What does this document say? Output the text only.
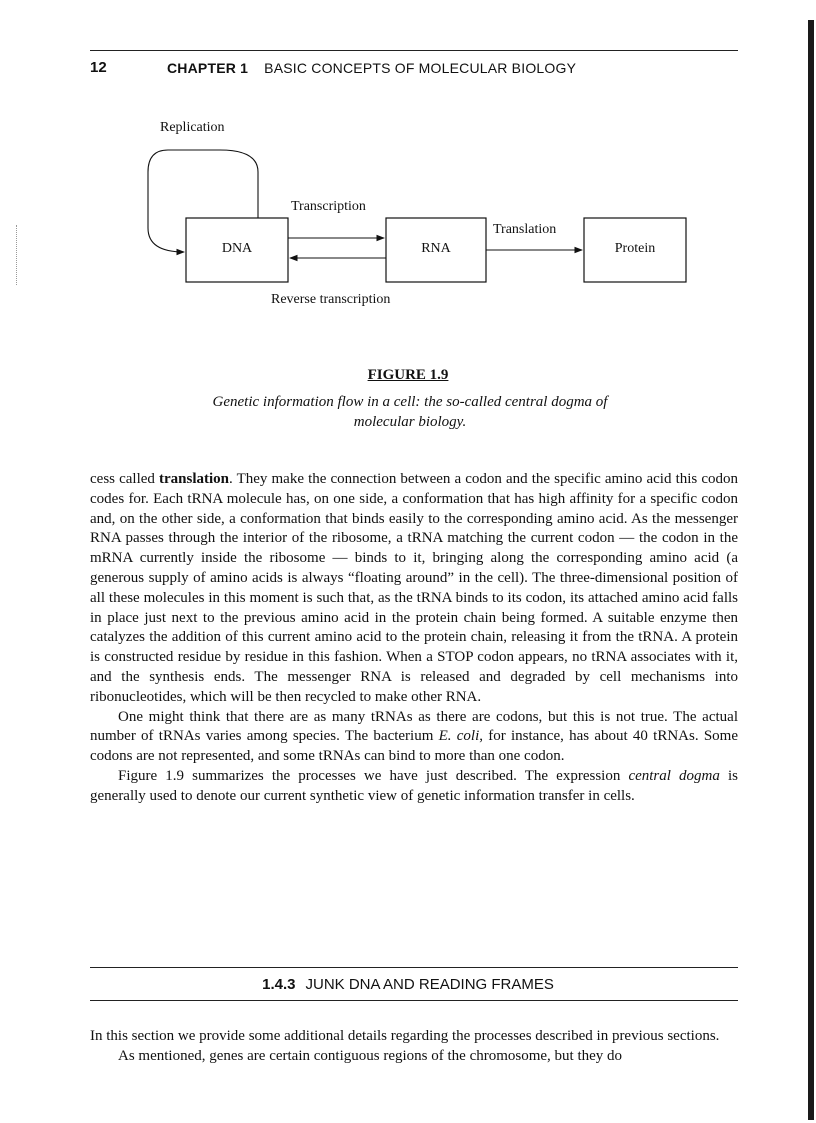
12	CHAPTER 1 BASIC CONCEPTS OF MOLECULAR BIOLOGY
Replication
Transcription
Translation
Reverse transcription
DNA	RNA	Protein
FIGURE 1.9
Genetic information flow in a cell: the so-called central dogma of molecular biology.

cess called translation. They make the connection between a codon and the specific amino acid this codon codes for. Each tRNA molecule has, on one side, a conformation that has high affinity for a specific codon and, on the other side, a conformation that binds easily to the corresponding amino acid. As the messenger RNA passes through the interior of the ribosome, a tRNA matching the current codon — the codon in the mRNA currently inside the ribosome — binds to it, bringing along the corresponding amino acid (a generous supply of amino acids is always “floating around” in the cell). The three-dimensional position of all these molecules in this moment is such that, as the tRNA binds to its codon, its attached amino acid falls in place just next to the previous amino acid in the protein chain being formed. A suitable enzyme then catalyzes the addition of this current amino acid to the protein chain, releasing it from the tRNA. A protein is constructed residue by residue in this fashion. When a STOP codon appears, no tRNA associates with it, and the synthesis ends. The messenger RNA is released and degraded by cell mechanisms into ribonucleotides, which will be then recycled to make other RNA.

One might think that there are as many tRNAs as there are codons, but this is not true. The actual number of tRNAs varies among species. The bacterium E. coli, for instance, has about 40 tRNAs. Some codons are not represented, and some tRNAs can bind to more than one codon.

Figure 1.9 summarizes the processes we have just described. The expression central dogma is generally used to denote our current synthetic view of genetic information transfer in cells.

1.4.3 JUNK DNA AND READING FRAMES

In this section we provide some additional details regarding the processes described in previous sections.

As mentioned, genes are certain contiguous regions of the chromosome, but they do
